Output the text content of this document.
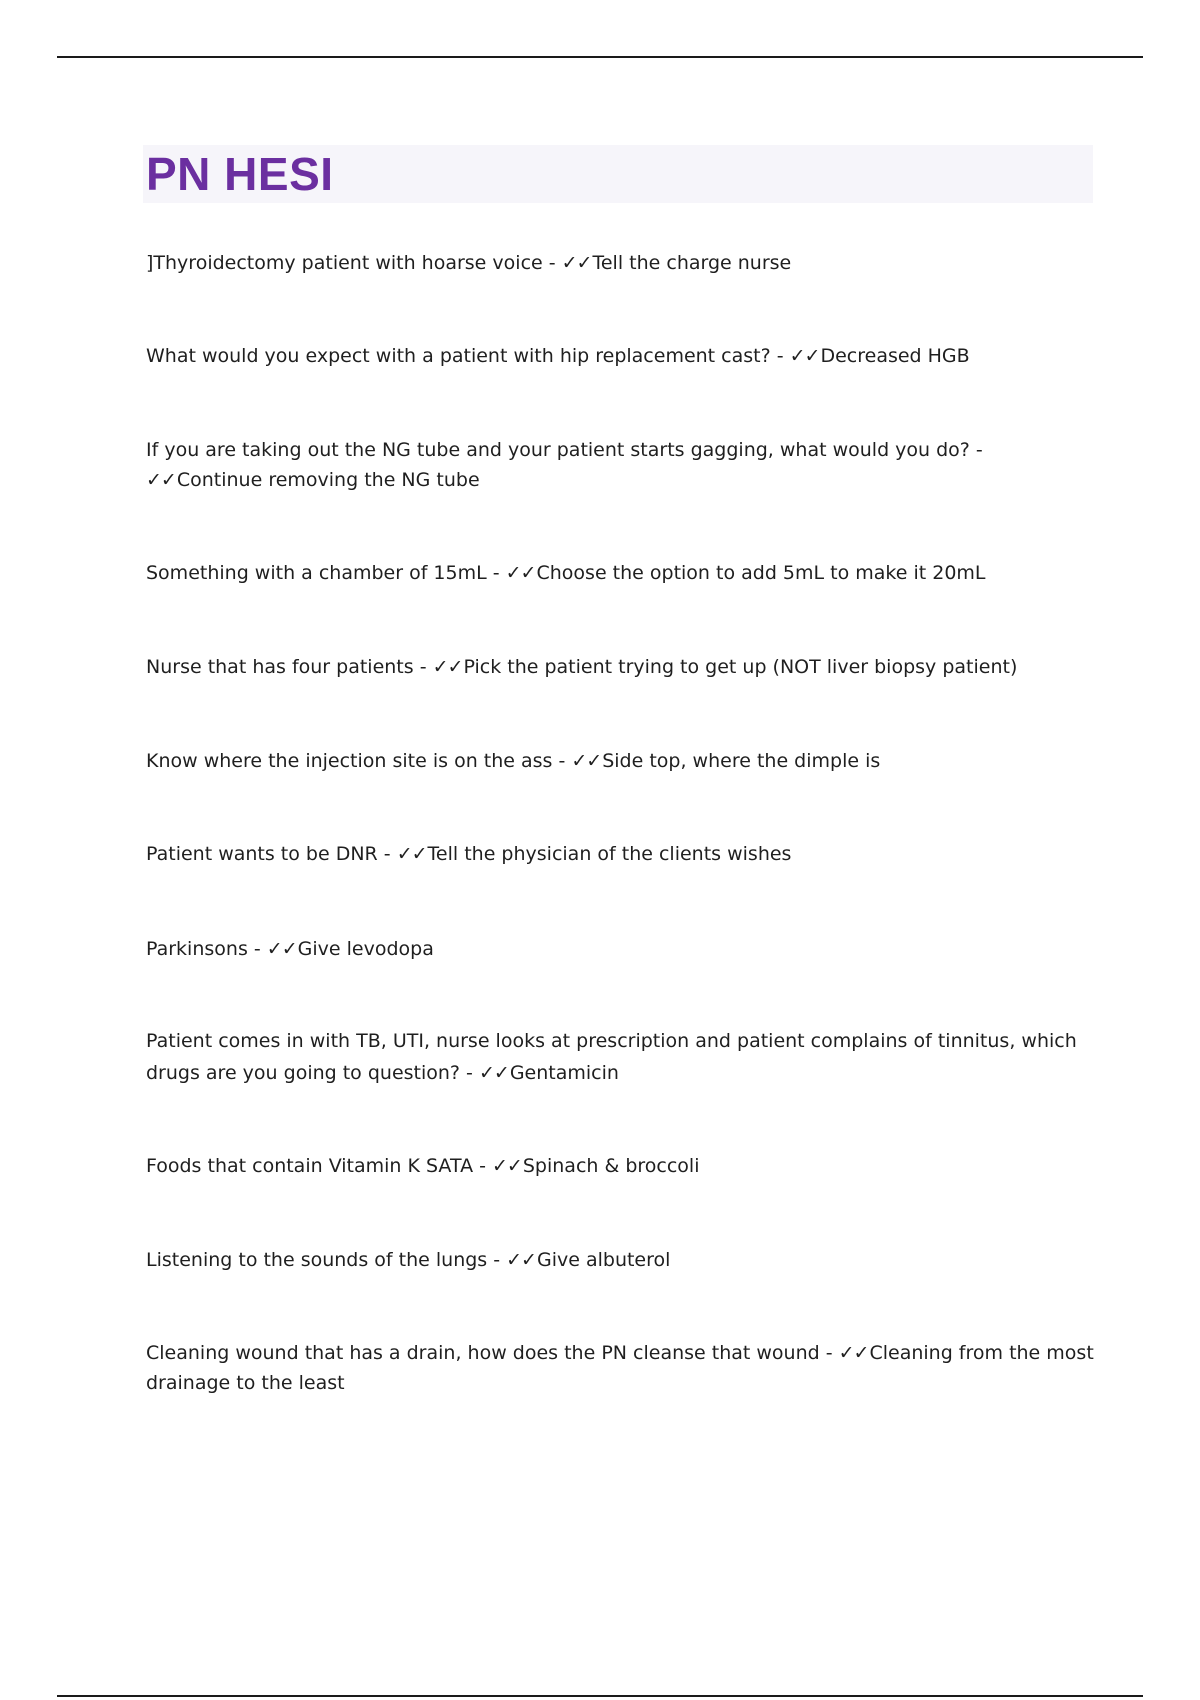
PN HESI

]Thyroidectomy patient with hoarse voice - ✓✓Tell the charge nurse

What would you expect with a patient with hip replacement cast? - ✓✓Decreased HGB

If you are taking out the NG tube and your patient starts gagging, what would you do? - ✓✓Continue removing the NG tube

Something with a chamber of 15mL - ✓✓Choose the option to add 5mL to make it 20mL

Nurse that has four patients - ✓✓Pick the patient trying to get up (NOT liver biopsy patient)

Know where the injection site is on the ass - ✓✓Side top, where the dimple is

Patient wants to be DNR - ✓✓Tell the physician of the clients wishes

Parkinsons - ✓✓Give levodopa

Patient comes in with TB, UTI, nurse looks at prescription and patient complains of tinnitus, which drugs are you going to question? - ✓✓Gentamicin

Foods that contain Vitamin K SATA - ✓✓Spinach & broccoli

Listening to the sounds of the lungs - ✓✓Give albuterol

Cleaning wound that has a drain, how does the PN cleanse that wound - ✓✓Cleaning from the most drainage to the least
